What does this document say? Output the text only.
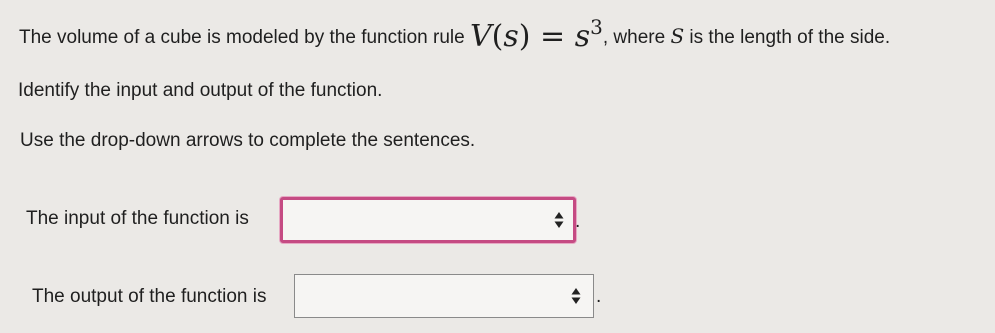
The volume of a cube is modeled by the function rule $V(s) = s^3$, where S is the length of the side.
Identify the input and output of the function.
Use the drop-down arrows to complete the sentences.
The input of the function is	.
The output of the function is	.
